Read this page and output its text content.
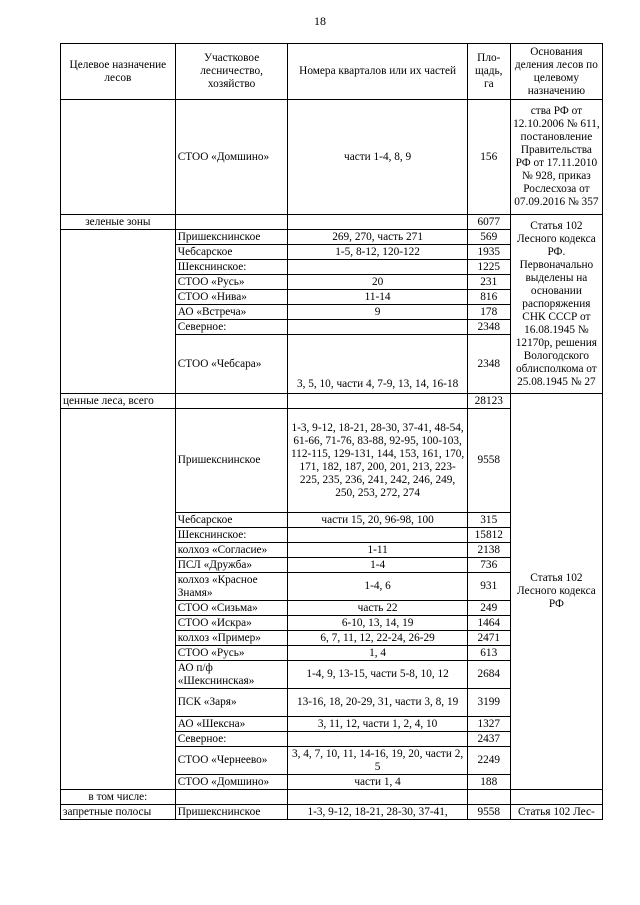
18
Целевое назначение лесов	Участковое лесничество, хозяйство	Номера кварталов или их частей	Пло- щадь, га	Основания деления лесов по целевому назначению
	СТОО «Домшино»	части 1-4, 8, 9	156	ства РФ от 12.10.2006 № 611, постановление Правительства РФ от 17.11.2010 № 928, приказ Рослесхоза от 07.09.2016 № 357
зеленые зоны			6077	Статья 102 Лесного кодекса РФ. Первоначально выделены на основании распоряжения СНК СССР от 16.08.1945 № 12170р, решения Вологодского облисполкома от 25.08.1945 № 27
	Пришекснинское	269, 270, часть 271	569	
	Чебсарское	1-5, 8-12, 120-122	1935	
	Шекснинское:		1225	
	СТОО «Русь»	20	231	
	СТОО «Нива»	11-14	816	
	АО «Встреча»	9	178	
	Северное:		2348	
	СТОО «Чебсара»	3, 5, 10, части 4, 7-9, 13, 14, 16-18	2348	
ценные леса, всего			28123	Статья 102 Лесного кодекса РФ
	Пришекснинское	1-3, 9-12, 18-21, 28-30, 37-41, 48-54, 61-66, 71-76, 83-88, 92-95, 100-103, 112-115, 129-131, 144, 153, 161, 170, 171, 182, 187, 200, 201, 213, 223-225, 235, 236, 241, 242, 246, 249, 250, 253, 272, 274	9558	
	Чебсарское	части 15, 20, 96-98, 100	315	
	Шекснинское:		15812	
	колхоз «Согласие»	1-11	2138	
	ПСЛ «Дружба»	1-4	736	
	колхоз «Красное Знамя»	1-4, 6	931	
	СТОО «Сизьма»	часть 22	249	
	СТОО «Искра»	6-10, 13, 14, 19	1464	
	колхоз «Пример»	6, 7, 11, 12, 22-24, 26-29	2471	
	СТОО «Русь»	1, 4	613	
	АО п/ф «Шекснинская»	1-4, 9, 13-15, части 5-8, 10, 12	2684	
	ПСК «Заря»	13-16, 18, 20-29, 31, части 3, 8, 19	3199	
	АО «Шексна»	3, 11, 12, части 1, 2, 4, 10	1327	
	Северное:		2437	
	СТОО «Чернеево»	3, 4, 7, 10, 11, 14-16, 19, 20, части 2, 5	2249	
	СТОО «Домшино»	части 1, 4	188	
в том числе:				
запретные полосы	Пришекснинское	1-3, 9-12, 18-21, 28-30, 37-41,	9558	Статья 102 Лес-
